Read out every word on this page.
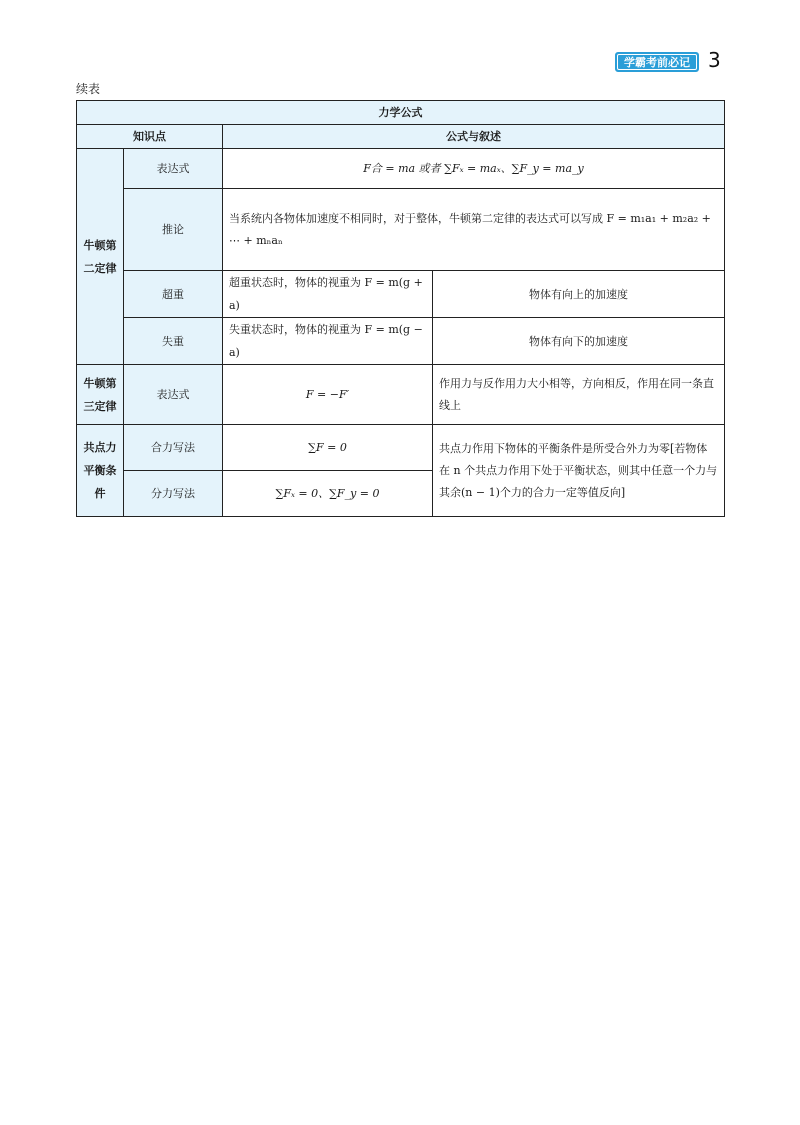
学霸考前必记 3
续表
力学公式			
知识点		公式与叙述	
牛顿第二定律	表达式	F合 = ma 或者 ∑Fₓ = maₓ、∑F_y = ma_y	
	推论	当系统内各物体加速度不相同时，对于整体，牛顿第二定律的表达式可以写成 F = m₁a₁ + m₂a₂ + ⋯ + mₙaₙ	
	超重	超重状态时，物体的视重为 F = m(g + a)	物体有向上的加速度
	失重	失重状态时，物体的视重为 F = m(g − a)	物体有向下的加速度
牛顿第三定律	表达式	F = −F′	作用力与反作用力大小相等，方向相反，作用在同一条直线上
共点力平衡条件	合力写法	∑F = 0	共点力作用下物体的平衡条件是所受合外力为零[若物体在 n 个共点力作用下处于平衡状态，则其中任意一个力与其余(n − 1)个力的合力一定等值反向]
	分力写法	∑Fₓ = 0、∑F_y = 0	
